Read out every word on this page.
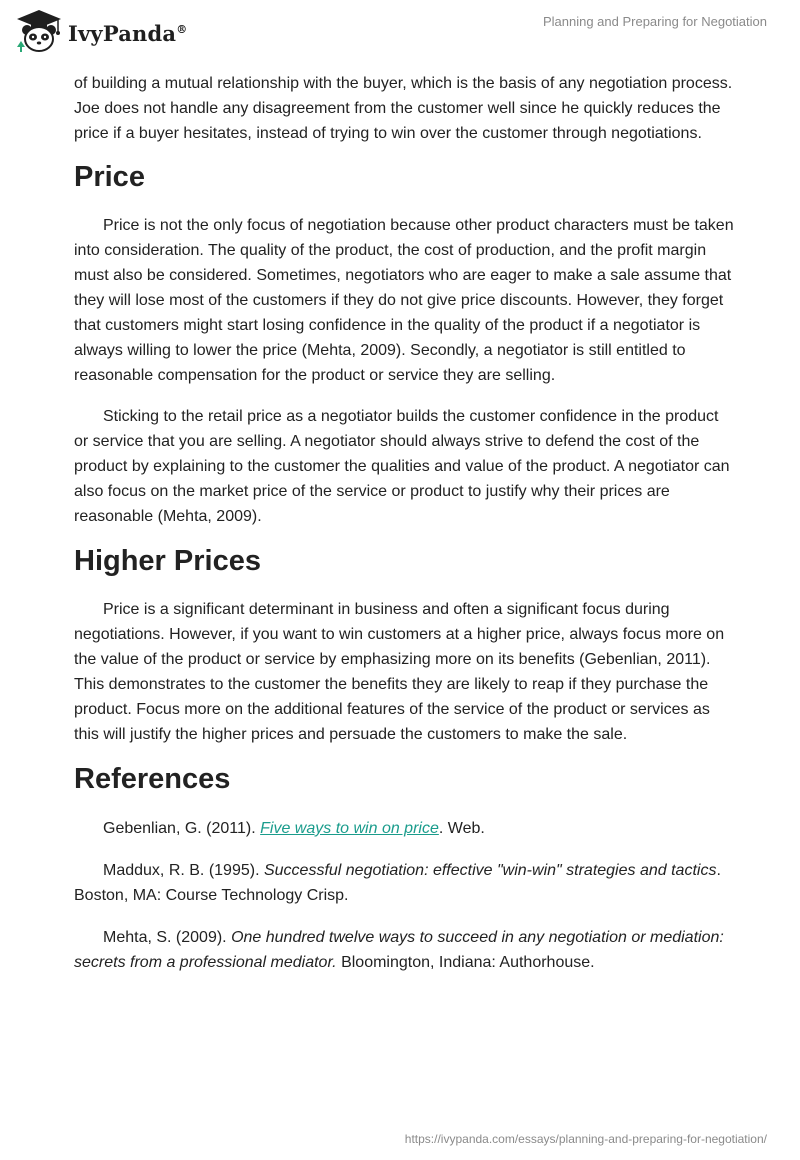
IvyPanda®
Planning and Preparing for Negotiation

of building a mutual relationship with the buyer, which is the basis of any negotiation process. Joe does not handle any disagreement from the customer well since he quickly reduces the price if a buyer hesitates, instead of trying to win over the customer through negotiations.

Price

Price is not the only focus of negotiation because other product characters must be taken into consideration. The quality of the product, the cost of production, and the profit margin must also be considered. Sometimes, negotiators who are eager to make a sale assume that they will lose most of the customers if they do not give price discounts. However, they forget that customers might start losing confidence in the quality of the product if a negotiator is always willing to lower the price (Mehta, 2009). Secondly, a negotiator is still entitled to reasonable compensation for the product or service they are selling.

Sticking to the retail price as a negotiator builds the customer confidence in the product or service that you are selling. A negotiator should always strive to defend the cost of the product by explaining to the customer the qualities and value of the product. A negotiator can also focus on the market price of the service or product to justify why their prices are reasonable (Mehta, 2009).

Higher Prices

Price is a significant determinant in business and often a significant focus during negotiations. However, if you want to win customers at a higher price, always focus more on the value of the product or service by emphasizing more on its benefits (Gebenlian, 2011). This demonstrates to the customer the benefits they are likely to reap if they purchase the product. Focus more on the additional features of the service of the product or services as this will justify the higher prices and persuade the customers to make the sale.

References

Gebenlian, G. (2011). Five ways to win on price. Web.

Maddux, R. B. (1995). Successful negotiation: effective "win-win" strategies and tactics. Boston, MA: Course Technology Crisp.

Mehta, S. (2009). One hundred twelve ways to succeed in any negotiation or mediation: secrets from a professional mediator. Bloomington, Indiana: Authorhouse.

https://ivypanda.com/essays/planning-and-preparing-for-negotiation/
